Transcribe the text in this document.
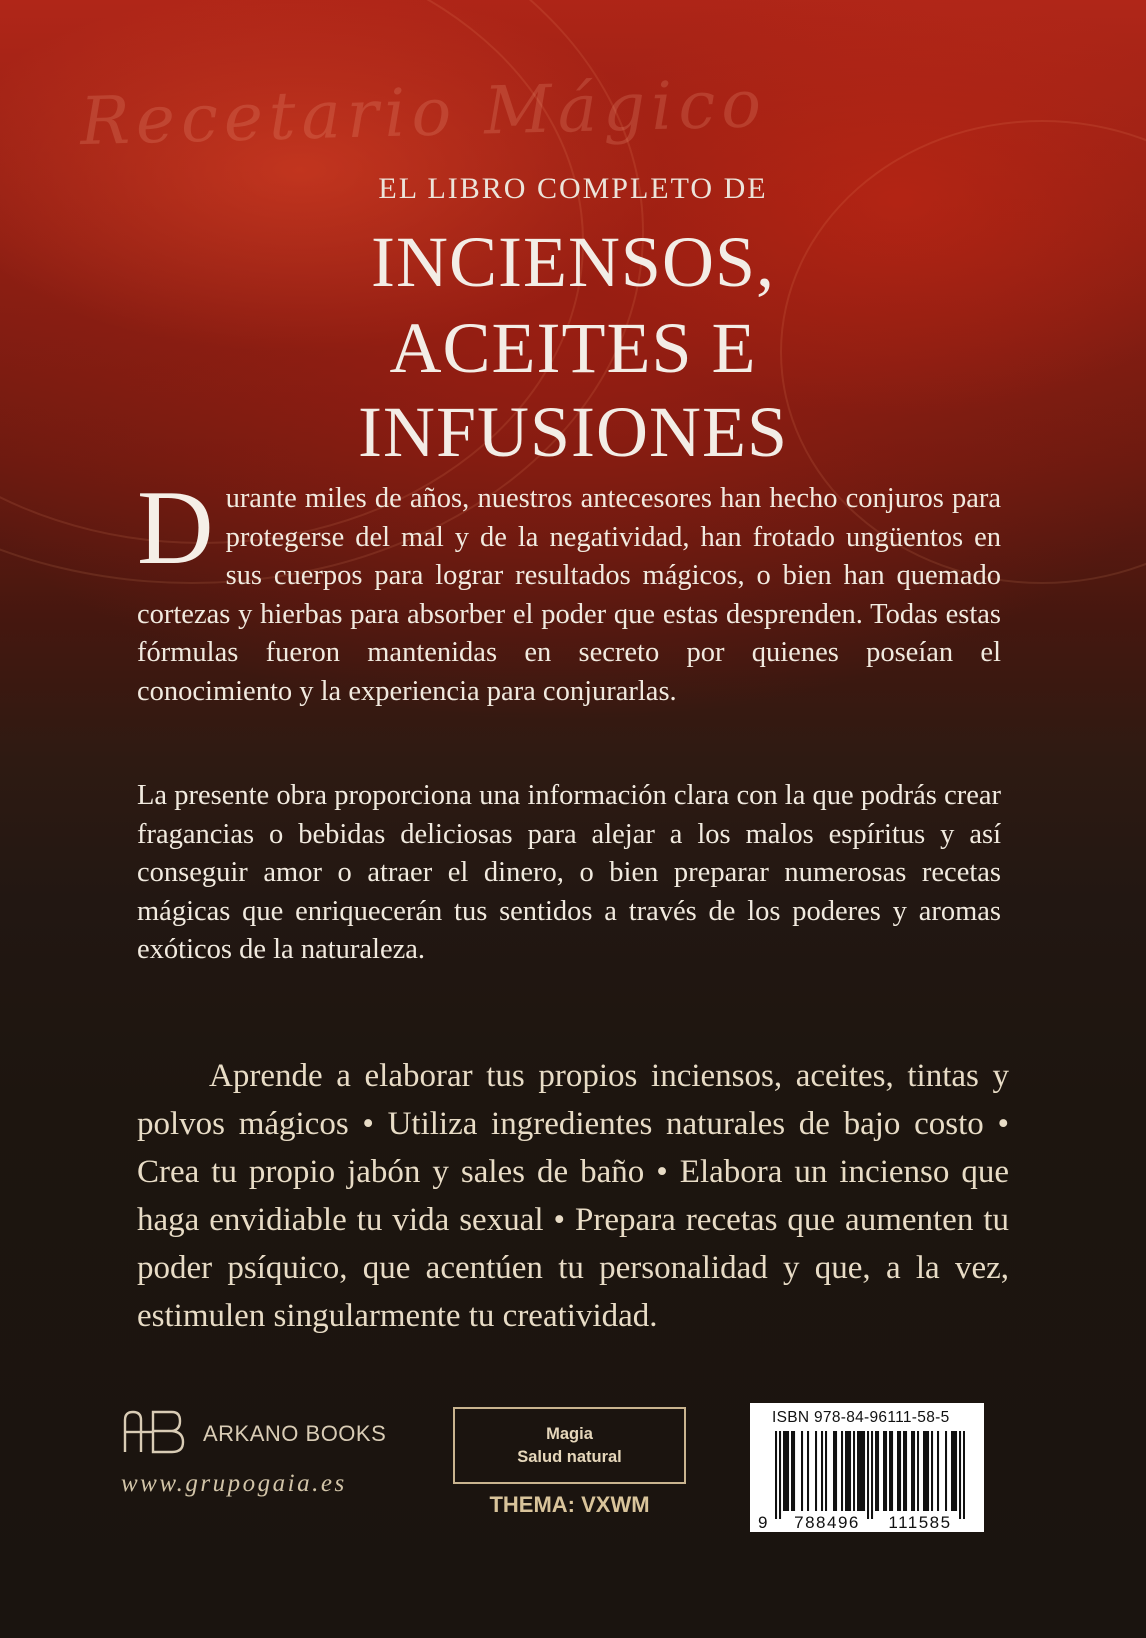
Recetario Mágico
EL LIBRO COMPLETO DE
INCIENSOS,
ACEITES E
INFUSIONES

Durante miles de años, nuestros antecesores han hecho conjuros para protegerse del mal y de la negatividad, han frotado ungüentos en sus cuerpos para lograr resultados mágicos, o bien han quemado cortezas y hierbas para absorber el poder que estas desprenden. Todas estas fórmulas fueron mantenidas en secreto por quienes poseían el conocimiento y la experiencia para conjurarlas.

La presente obra proporciona una información clara con la que podrás crear fragancias o bebidas deliciosas para alejar a los malos espíritus y así conseguir amor o atraer el dinero, o bien preparar numerosas recetas mágicas que enriquecerán tus sentidos a través de los poderes y aromas exóticos de la naturaleza.

Aprende a elaborar tus propios inciensos, aceites, tintas y polvos mágicos • Utiliza ingredientes naturales de bajo costo • Crea tu propio jabón y sales de baño • Elabora un incienso que haga envidiable tu vida sexual • Prepara recetas que aumenten tu poder psíquico, que acentúen tu personalidad y que, a la vez, estimulen singularmente tu creatividad.

ARKANO BOOKS
www.grupogaia.es
Magia
Salud natural
THEMA: VXWM
ISBN 978-84-96111-58-5
9	788496	111585
